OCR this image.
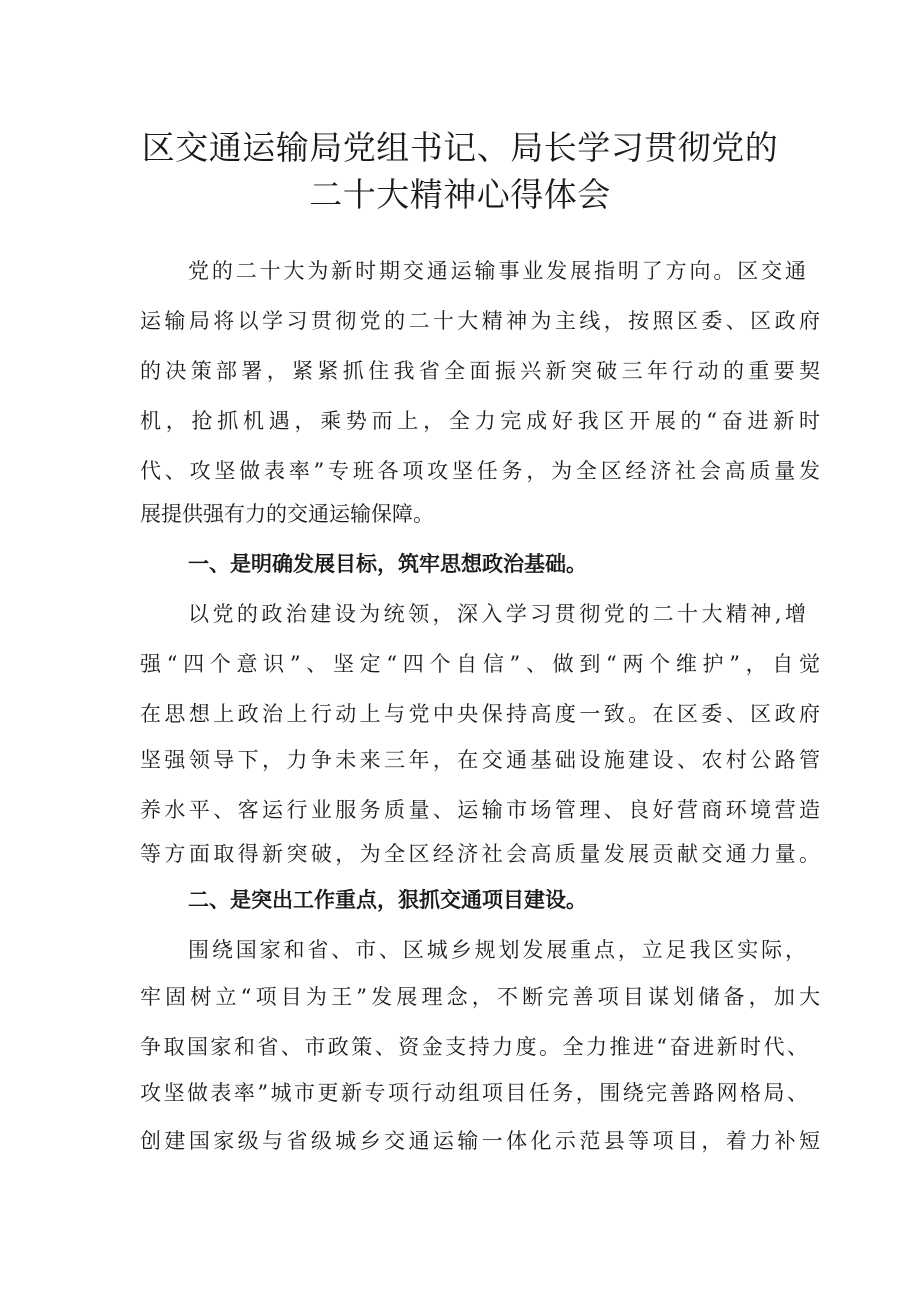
区交通运输局党组书记、局长学习贯彻党的
二十大精神心得体会

党的二十大为新时期交通运输事业发展指明了方向。区交通

运输局将以学习贯彻党的二十大精神为主线，按照区委、区政府

的决策部署，紧紧抓住我省全面振兴新突破三年行动的重要契

机，抢抓机遇，乘势而上，全力完成好我区开展的“奋进新时

代、攻坚做表率”专班各项攻坚任务，为全区经济社会高质量发

展提供强有力的交通运输保障。

一、是明确发展目标，筑牢思想政治基础。

以党的政治建设为统领，深入学习贯彻党的二十大精神,增

强“四个意识”、坚定“四个自信”、做到“两个维护”，自觉

在思想上政治上行动上与党中央保持高度一致。在区委、区政府

坚强领导下，力争未来三年，在交通基础设施建设、农村公路管

养水平、客运行业服务质量、运输市场管理、良好营商环境营造

等方面取得新突破，为全区经济社会高质量发展贡献交通力量。

二、是突出工作重点，狠抓交通项目建设。

围绕国家和省、市、区城乡规划发展重点，立足我区实际，

牢固树立“项目为王”发展理念，不断完善项目谋划储备，加大

争取国家和省、市政策、资金支持力度。全力推进“奋进新时代、

攻坚做表率”城市更新专项行动组项目任务，围绕完善路网格局、

创建国家级与省级城乡交通运输一体化示范县等项目，着力补短
